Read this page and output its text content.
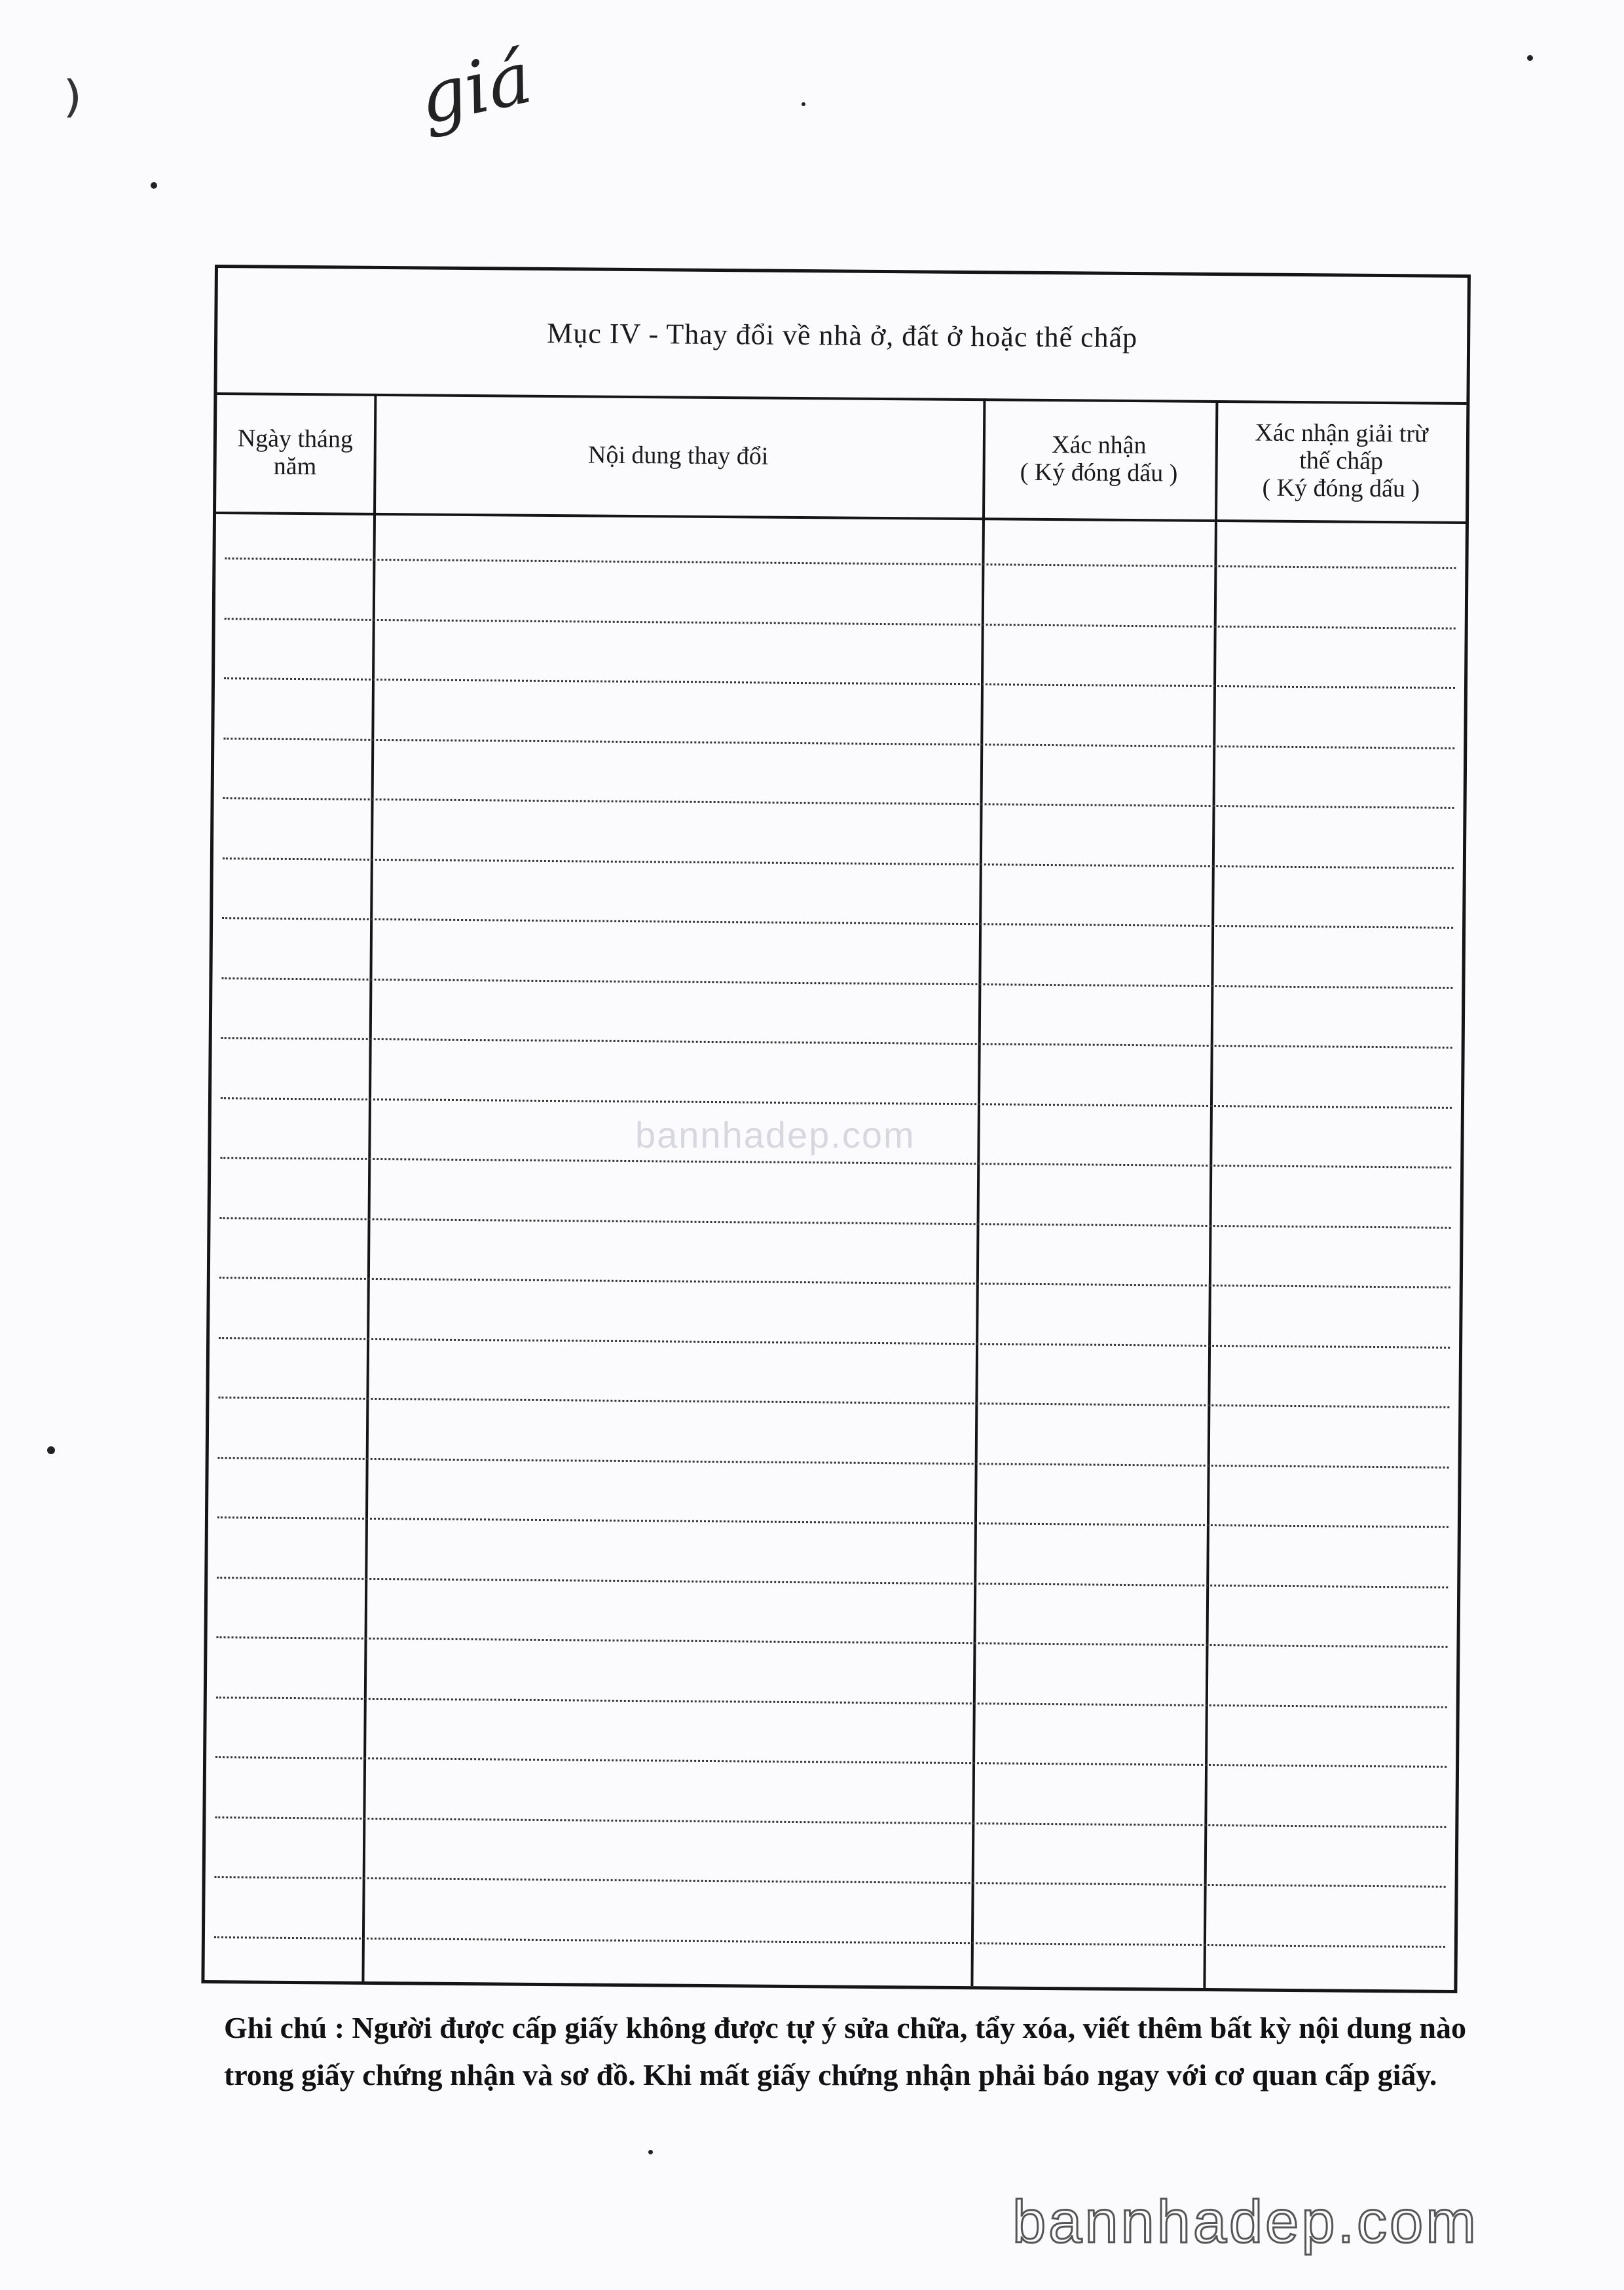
giá
⁾
Mục IV - Thay đổi về nhà ở, đất ở hoặc thế chấp
Ngày tháng
năm	Nội dung thay đổi	Xác nhận
( Ký đóng dấu )
Xác nhận giải trừ
thế chấp
( Ký đóng dấu )
bannhadep.com
Ghi chú : Người được cấp giấy không được tự ý sửa chữa, tẩy xóa, viết thêm bất kỳ nội dung nào trong giấy chứng nhận và sơ đồ. Khi mất giấy chứng nhận phải báo ngay với cơ quan cấp giấy.
bannhadep.com
